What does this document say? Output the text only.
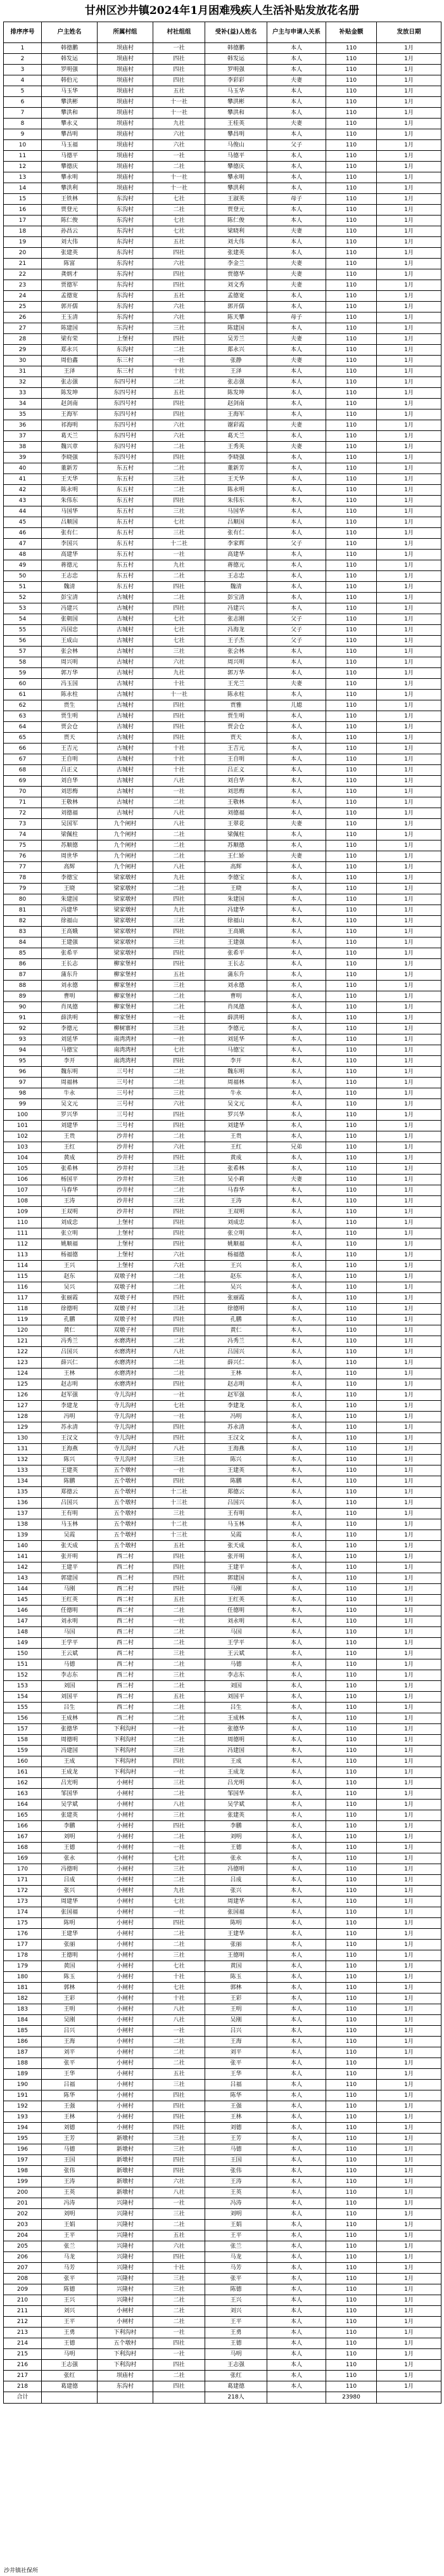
甘州区沙井镇2024年1月困难残疾人生活补贴发放花名册
排序序号	户主姓名	所属村组	村社组组	受补(益)人姓名	户主与申请人关系	补贴金额	发放日期
1	韩德鹏	坝庙村	一社	韩德鹏	本人	110	1月
2	韩发运	坝庙村	四社	韩发运	本人	110	1月
3	罗明强	坝庙村	四社	罗明强	本人	110	1月
4	韩伯元	坝庙村	四社	李彩彩	夫妻	110	1月
5	马玉华	坝庙村	五社	马玉华	本人	110	1月
6	攀洪彬	坝庙村	十一社	攀洪彬	本人	110	1月
7	攀洪和	坝庙村	十一社	攀洪和	本人	110	1月
8	攀永义	坝庙村	九社	王桂英	夫妻	110	1月
9	攀昌明	坝庙村	六社	攀昌明	本人	110	1月
10	马玉福	坝庙村	六社	马俊山	父子	110	1月
11	马德平	坝庙村	一社	马德平	本人	110	1月
12	攀德庆	坝庙村	二社	攀德庆	本人	110	1月
13	攀永明	坝庙村	十一社	攀永明	本人	110	1月
14	攀洪利	坝庙村	十一社	攀洪利	本人	110	1月
15	王铁林	东沟村	七社	王淑英	母子	110	1月
16	贾登元	东沟村	二社	贾登元	本人	110	1月
17	陈仁俊	东沟村	七社	陈仁俊	本人	110	1月
18	孙昌云	东沟村	七社	梁晓利	夫妻	110	1月
19	刘大伟	东沟村	五社	刘大伟	本人	110	1月
20	张建英	东沟村	四社	张建英	本人	110	1月
21	陈富	东沟村	六社	李金兰	夫妻	110	1月
22	龚炳才	东沟村	四社	贾德华	夫妻	110	1月
23	贾德军	东沟村	四社	刘文秀	夫妻	110	1月
24	孟德宽	东沟村	五社	孟德宽	本人	110	1月
25	郭开儒	东沟村	六社	郭开儒	本人	110	1月
26	王玉清	东沟村	六社	陈天攀	母子	110	1月
27	陈建国	东沟村	三社	陈建国	本人	110	1月
28	梁有荣	上堡村	四社	吴芳兰	夫妻	110	1月
29	郑永兴	东沟村	二社	郑永兴	本人	110	1月
30	周伯鑫	东三村	一社	张静	夫妻	110	1月
31	王泽	东三村	十社	王泽	本人	110	1月
32	张志强	东四号村	二社	张志强	本人	110	1月
33	陈发坤	东四号村	五社	陈发坤	本人	110	1月
34	赵剑南	东四号村	四社	赵剑南	本人	110	1月
35	王海军	东四号村	四社	王海军	本人	110	1月
36	祁海明	东四号村	六社	谢彩霞	夫妻	110	1月
37	葛天兰	东四号村	六社	葛天兰	本人	110	1月
38	魏兴章	东四号村	二社	王秀英	夫妻	110	1月
39	李晓强	东四号村	四社	李晓强	本人	110	1月
40	董新芳	东五村	二社	董新芳	本人	110	1月
41	王天华	东五村	三社	王天华	本人	110	1月
42	陈永明	东五村	二社	陈永明	本人	110	1月
43	朱伟东	东五村	四社	朱伟东	本人	110	1月
44	马国华	东五村	三社	马国华	本人	110	1月
45	吕顺国	东五村	七社	吕顺国	本人	110	1月
46	张有仁	东五村	三社	张有仁	本人	110	1月
47	李国兴	东五村	十二社	李家辉	父子	110	1月
48	高建华	东五村	一社	高建华	本人	110	1月
49	蒋德元	东五村	九社	蒋德元	本人	110	1月
50	王志忠	东五村	二社	王志忠	本人	110	1月
51	魏清	东五村	四社	魏清	本人	110	1月
52	彭宝清	古城村	二社	彭宝清	本人	110	1月
53	冯建兴	古城村	四社	冯建兴	本人	110	1月
54	张朝国	古城村	七社	张志刚	父子	110	1月
55	冯国忠	古城村	七社	冯海龙	父子	110	1月
56	王成山	古城村	七社	王子杰	父子	110	1月
57	张会林	古城村	三社	张会林	本人	110	1月
58	周兴明	古城村	六社	周兴明	本人	110	1月
59	郭万华	古城村	九社	郭万华	本人	110	1月
60	冯玉国	古城村	十社	王光兰	夫妻	110	1月
61	陈永柱	古城村	十一社	陈永柱	本人	110	1月
62	贾生	古城村	四社	贾雅	儿媳	110	1月
63	贾生明	古城村	四社	贾生明	本人	110	1月
64	贾会仓	古城村	四社	贾会仓	本人	110	1月
65	贾天	古城村	四社	贾天	本人	110	1月
66	王吉元	古城村	十社	王吉元	本人	110	1月
67	王自明	古城村	十社	王自明	本人	110	1月
68	吕正义	古城村	十社	吕正义	本人	110	1月
69	刘自华	古城村	八社	刘自华	本人	110	1月
70	刘思梅	古城村	一社	刘思梅	本人	110	1月
71	王敬林	古城村	二社	王敬林	本人	110	1月
72	刘德福	古城村	八社	刘德福	本人	110	1月
73	吴国军	九个闸村	八社	王翠花	夫妻	110	1月
74	梁佩柱	九个闸村	二社	梁佩柱	本人	110	1月
75	苏顺德	九个闸村	二社	苏顺德	本人	110	1月
76	周世华	九个闸村	二社	王仁娇	夫妻	110	1月
77	高辉	九个闸村	八社	高辉	本人	110	1月
78	李德宝	梁家墩村	九社	李德宝	本人	110	1月
79	王晓	梁家墩村	二社	王晓	本人	110	1月
80	朱建国	梁家墩村	四社	朱建国	本人	110	1月
81	冯建华	梁家墩村	九社	冯建华	本人	110	1月
82	徐福山	梁家墩村	三社	徐福山	本人	110	1月
83	王高娥	梁家墩村	四社	王高娥	本人	110	1月
84	王建强	梁家墩村	三社	王建强	本人	110	1月
85	张希平	梁家墩村	四社	张希平	本人	110	1月
86	王长志	柳家堡村	四社	王长志	本人	110	1月
87	蒲东升	柳家堡村	五社	蒲东升	本人	110	1月
88	刘永德	柳家堡村	三社	刘永德	本人	110	1月
89	曹明	柳家堡村	二社	曹明	本人	110	1月
90	肖凤德	柳家堡村	二社	肖凤德	本人	110	1月
91	薛洪明	柳家堡村	一社	薛洪明	本人	110	1月
92	李德元	柳树寨村	三社	李德元	本人	110	1月
93	刘延华	南湾湾村	一社	刘延华	本人	110	1月
94	马德宝	南湾湾村	七社	马德宝	本人	110	1月
95	李开	南湾湾村	四社	李开	本人	110	1月
96	魏东明	三号村	二社	魏东明	本人	110	1月
97	周福林	三号村	二社	周福林	本人	110	1月
98	牛永	三号村	三社	牛永	本人	110	1月
99	吴文元	三号村	六社	吴文元	本人	110	1月
100	罗兴华	三号村	四社	罗兴华	本人	110	1月
101	刘建华	三号村	四社	刘建华	本人	110	1月
102	王贵	沙井村	二社	王贵	本人	110	1月
103	王红	沙井村	六社	王红	兄弟	110	1月
104	黄成	沙井村	四社	黄成	本人	110	1月
105	张希林	沙井村	三社	张希林	本人	110	1月
106	杨国平	沙井村	三社	吴小莉	夫妻	110	1月
107	马春华	沙井村	二社	马春华	本人	110	1月
108	王涛	沙井村	三社	王涛	本人	110	1月
109	王双明	沙井村	四社	王双明	本人	110	1月
110	刘成忠	上堡村	四社	刘成忠	本人	110	1月
111	张立明	上堡村	四社	张立明	本人	110	1月
112	姚顺福	上堡村	四社	姚顺福	本人	110	1月
113	杨福德	上堡村	六社	杨福德	本人	110	1月
114	王兴	上堡村	六社	王兴	本人	110	1月
115	赵东	双墩子村	二社	赵东	本人	110	1月
116	吴兴	双墩子村	二社	吴兴	本人	110	1月
117	张丽霞	双墩子村	四社	张丽霞	本人	110	1月
118	徐德明	双墩子村	三社	徐德明	本人	110	1月
119	孔鹏	双墩子村	四社	孔鹏	本人	110	1月
120	黄仁	双墩子村	四社	黄仁	本人	110	1月
121	冯秀兰	水磨湾村	二社	冯秀兰	本人	110	1月
122	吕国兴	水磨湾村	八社	吕国兴	本人	110	1月
123	薛兴仁	水磨湾村	二社	薛兴仁	本人	110	1月
124	王林	水磨湾村	二社	王林	本人	110	1月
125	赵志明	水磨湾村	四社	赵志明	本人	110	1月
126	赵军强	寺儿沟村	一社	赵军强	本人	110	1月
127	李建龙	寺儿沟村	七社	李建龙	本人	110	1月
128	冯明	寺儿沟村	一社	冯明	本人	110	1月
129	苏永清	寺儿沟村	四社	苏永清	本人	110	1月
130	王汉文	寺儿沟村	四社	王汉文	本人	110	1月
131	王海燕	寺儿沟村	八社	王海燕	本人	110	1月
132	陈兴	寺儿沟村	三社	陈兴	本人	110	1月
133	王建英	五个墩村	一社	王建英	本人	110	1月
134	陈鹏	五个墩村	四社	陈鹏	本人	110	1月
135	郑德云	五个墩村	十二社	郑德云	本人	110	1月
136	吕国兴	五个墩村	十三社	吕国兴	本人	110	1月
137	王有明	五个墩村	三社	王有明	本人	110	1月
138	马玉林	五个墩村	十二社	马玉林	本人	110	1月
139	吴霞	五个墩村	十三社	吴霞	本人	110	1月
140	张天成	五个墩村	五社	张天成	本人	110	1月
141	张开明	西二村	四社	张开明	本人	110	1月
142	王建平	西二村	四社	王建平	本人	110	1月
143	郭建国	西二村	四社	郭建国	本人	110	1月
144	马刚	西二村	四社	马刚	本人	110	1月
145	王红英	西二村	五社	王红英	本人	110	1月
146	任德明	西二村	二社	任德明	本人	110	1月
147	刘永明	西二村	一社	刘永明	本人	110	1月
148	马国	西二村	二社	马国	本人	110	1月
149	王学平	西二村	二社	王学平	本人	110	1月
150	王云斌	西二村	三社	王云斌	本人	110	1月
151	马德	西二村	二社	马德	本人	110	1月
152	李志东	西二村	三社	李志东	本人	110	1月
153	刘国	西二村	二社	刘国	本人	110	1月
154	刘国平	西二村	五社	刘国平	本人	110	1月
155	吕生	西二村	二社	吕生	本人	110	1月
156	王成林	西二村	二社	王成林	本人	110	1月
157	张德华	下利沟村	一社	张德华	本人	110	1月
158	周德明	下利沟村	二社	周德明	本人	110	1月
159	冯建国	下利沟村	三社	冯建国	本人	110	1月
160	王成	下利沟村	四社	王成	本人	110	1月
161	王成龙	下利沟村	一社	王成龙	本人	110	1月
162	吕光明	小闸村	三社	吕光明	本人	110	1月
163	邹国华	小闸村	二社	邹国华	本人	110	1月
164	吴学斌	小闸村	八社	吴学斌	本人	110	1月
165	张建英	小闸村	三社	张建英	本人	110	1月
166	李鹏	小闸村	四社	李鹏	本人	110	1月
167	刘明	小闸村	二社	刘明	本人	110	1月
168	王德	小闸村	一社	王德	本人	110	1月
169	张永	小闸村	七社	张永	本人	110	1月
170	冯德明	小闸村	三社	冯德明	本人	110	1月
171	吕成	小闸村	二社	吕成	本人	110	1月
172	张兴	小闸村	九社	张兴	本人	110	1月
173	周建华	小闸村	七社	周建华	本人	110	1月
174	张国福	小闸村	一社	张国福	本人	110	1月
175	陈明	小闸村	四社	陈明	本人	110	1月
176	王建华	小闸村	二社	王建华	本人	110	1月
177	张丽	小闸村	二社	张丽	本人	110	1月
178	王德明	小闸村	三社	王德明	本人	110	1月
179	黄国	小闸村	七社	黄国	本人	110	1月
180	陈玉	小闸村	十社	陈玉	本人	110	1月
181	郭林	小闸村	七社	郭林	本人	110	1月
182	王彩	小闸村	十社	王彩	本人	110	1月
183	王明	小闸村	八社	王明	本人	110	1月
184	吴刚	小闸村	八社	吴刚	本人	110	1月
185	吕兴	小闸村	一社	吕兴	本人	110	1月
186	王海	小闸村	二社	王海	本人	110	1月
187	刘平	小闸村	二社	刘平	本人	110	1月
188	张平	小闸村	二社	张平	本人	110	1月
189	王华	小闸村	五社	王华	本人	110	1月
190	吕福	小闸村	三社	吕福	本人	110	1月
191	陈华	小闸村	四社	陈华	本人	110	1月
192	王强	小闸村	四社	王强	本人	110	1月
193	王林	小闸村	四社	王林	本人	110	1月
194	刘德	小闸村	四社	刘德	本人	110	1月
195	王芳	新墩村	三社	王芳	本人	110	1月
196	马德	新墩村	三社	马德	本人	110	1月
197	王国	新墩村	四社	王国	本人	110	1月
198	张伟	新墩村	四社	张伟	本人	110	1月
199	王涛	新墩村	六社	王涛	本人	110	1月
200	王英	新墩村	八社	王英	本人	110	1月
201	冯涛	兴隆村	一社	冯涛	本人	110	1月
202	刘明	兴隆村	三社	刘明	本人	110	1月
203	王娟	兴隆村	二社	王娟	本人	110	1月
204	王平	兴隆村	五社	王平	本人	110	1月
205	张兰	兴隆村	六社	张兰	本人	110	1月
206	马龙	兴隆村	四社	马龙	本人	110	1月
207	马芳	兴隆村	十社	马芳	本人	110	1月
208	张平	兴隆村	三社	张平	本人	110	1月
209	陈德	兴隆村	三社	陈德	本人	110	1月
210	王兴	兴隆村	二社	王兴	本人	110	1月
211	刘兴	小闸村	二社	刘兴	本人	110	1月
212	王平	小闸村	二社	王平	本人	110	1月
213	王勇	下利沟村	一社	王勇	本人	110	1月
214	王德	五个墩村	四社	王德	本人	110	1月
215	马明	下利沟村	一社	马明	本人	110	1月
216	王志强	下利沟村	四社	王志强	本人	110	1月
217	张红	坝庙村	二社	张红	本人	110	1月
218	葛建德	东沟村	四社	葛建德	本人	110	1月
合计				218人		23980	
沙井镇社保所
